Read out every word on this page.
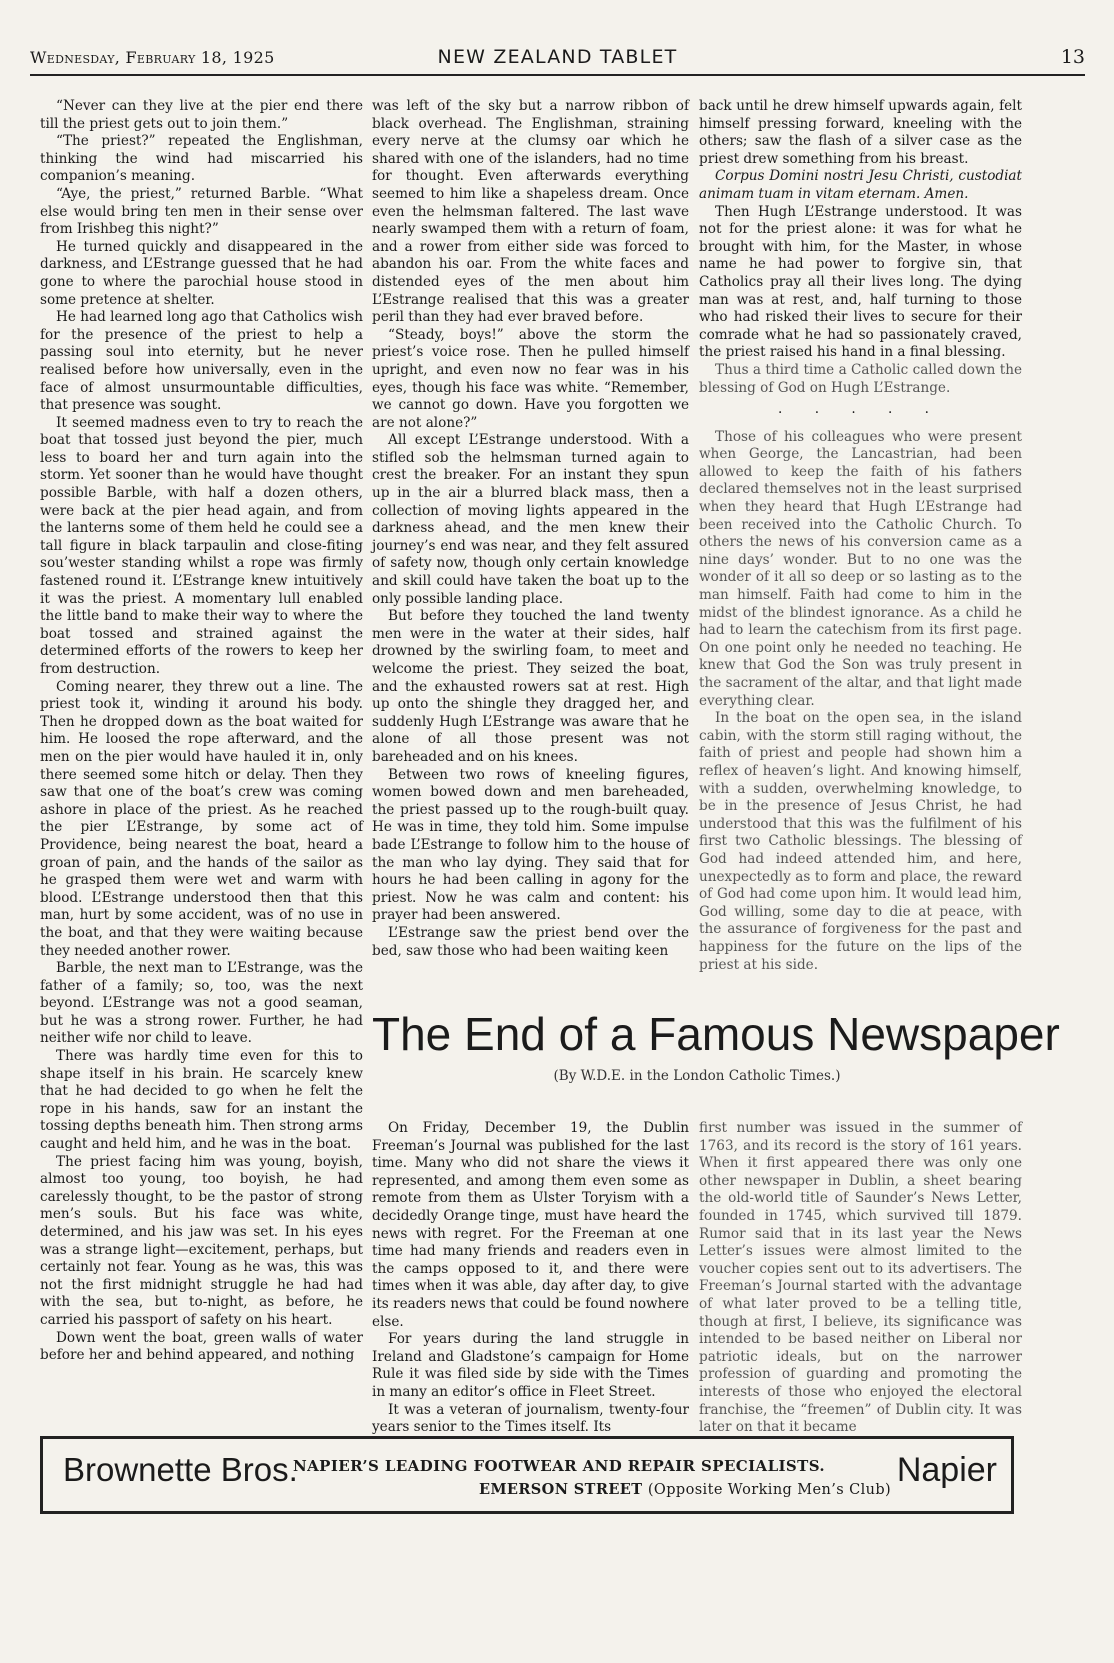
Wednesday, February 18, 1925	NEW ZEALAND TABLET	13

“Never can they live at the pier end there till the priest gets out to join them.”

“The priest?” repeated the Englishman, thinking the wind had miscarried his companion’s meaning.

“Aye, the priest,” returned Barble. “What else would bring ten men in their sense over from Irishbeg this night?”

He turned quickly and disappeared in the darkness, and L’Estrange guessed that he had gone to where the parochial house stood in some pretence at shelter.

He had learned long ago that Catholics wish for the presence of the priest to help a passing soul into eternity, but he never realised before how universally, even in the face of almost unsurmountable difficulties, that presence was sought.

It seemed madness even to try to reach the boat that tossed just beyond the pier, much less to board her and turn again into the storm. Yet sooner than he would have thought possible Barble, with half a dozen others, were back at the pier head again, and from the lanterns some of them held he could see a tall figure in black tarpaulin and close-fiting sou’wester standing whilst a rope was firmly fastened round it. L’Estrange knew intuitively it was the priest. A momentary lull enabled the little band to make their way to where the boat tossed and strained against the determined efforts of the rowers to keep her from destruction.

Coming nearer, they threw out a line. The priest took it, winding it around his body. Then he dropped down as the boat waited for him. He loosed the rope afterward, and the men on the pier would have hauled it in, only there seemed some hitch or delay. Then they saw that one of the boat’s crew was coming ashore in place of the priest. As he reached the pier L’Estrange, by some act of Providence, being nearest the boat, heard a groan of pain, and the hands of the sailor as he grasped them were wet and warm with blood. L’Estrange understood then that this man, hurt by some accident, was of no use in the boat, and that they were waiting because they needed another rower.

Barble, the next man to L’Estrange, was the father of a family; so, too, was the next beyond. L’Estrange was not a good seaman, but he was a strong rower. Further, he had neither wife nor child to leave.

There was hardly time even for this to shape itself in his brain. He scarcely knew that he had decided to go when he felt the rope in his hands, saw for an instant the tossing depths beneath him. Then strong arms caught and held him, and he was in the boat.

The priest facing him was young, boyish, almost too young, too boyish, he had carelessly thought, to be the pastor of strong men’s souls. But his face was white, determined, and his jaw was set. In his eyes was a strange light—excitement, perhaps, but certainly not fear. Young as he was, this was not the first midnight struggle he had had with the sea, but to-night, as before, he carried his passport of safety on his heart.

Down went the boat, green walls of water before her and behind appeared, and nothing

was left of the sky but a narrow ribbon of black overhead. The Englishman, straining every nerve at the clumsy oar which he shared with one of the islanders, had no time for thought. Even afterwards everything seemed to him like a shapeless dream. Once even the helmsman faltered. The last wave nearly swamped them with a return of foam, and a rower from either side was forced to abandon his oar. From the white faces and distended eyes of the men about him L’Estrange realised that this was a greater peril than they had ever braved before.

“Steady, boys!” above the storm the priest’s voice rose. Then he pulled himself upright, and even now no fear was in his eyes, though his face was white. “Remember, we cannot go down. Have you forgotten we are not alone?”

All except L’Estrange understood. With a stifled sob the helmsman turned again to crest the breaker. For an instant they spun up in the air a blurred black mass, then a collection of moving lights appeared in the darkness ahead, and the men knew their journey’s end was near, and they felt assured of safety now, though only certain knowledge and skill could have taken the boat up to the only possible landing place.

But before they touched the land twenty men were in the water at their sides, half drowned by the swirling foam, to meet and welcome the priest. They seized the boat, and the exhausted rowers sat at rest. High up onto the shingle they dragged her, and suddenly Hugh L’Estrange was aware that he alone of all those present was not bareheaded and on his knees.

Between two rows of kneeling figures, women bowed down and men bareheaded, the priest passed up to the rough-built quay. He was in time, they told him. Some impulse bade L’Estrange to follow him to the house of the man who lay dying. They said that for hours he had been calling in agony for the priest. Now he was calm and content: his prayer had been answered.

L’Estrange saw the priest bend over the bed, saw those who had been waiting keen

back until he drew himself upwards again, felt himself pressing forward, kneeling with the others; saw the flash of a silver case as the priest drew something from his breast.

Corpus Domini nostri Jesu Christi, custodiat animam tuam in vitam eternam. Amen.

Then Hugh L’Estrange understood. It was not for the priest alone: it was for what he brought with him, for the Master, in whose name he had power to forgive sin, that Catholics pray all their lives long. The dying man was at rest, and, half turning to those who had risked their lives to secure for their comrade what he had so passionately craved, the priest raised his hand in a final blessing.

Thus a third time a Catholic called down the blessing of God on Hugh L’Estrange.

. . . . .

Those of his colleagues who were present when George, the Lancastrian, had been allowed to keep the faith of his fathers declared themselves not in the least surprised when they heard that Hugh L’Estrange had been received into the Catholic Church. To others the news of his conversion came as a nine days’ wonder. But to no one was the wonder of it all so deep or so lasting as to the man himself. Faith had come to him in the midst of the blindest ignorance. As a child he had to learn the catechism from its first page. On one point only he needed no teaching. He knew that God the Son was truly present in the sacrament of the altar, and that light made everything clear.

In the boat on the open sea, in the island cabin, with the storm still raging without, the faith of priest and people had shown him a reflex of heaven’s light. And knowing himself, with a sudden, overwhelming knowledge, to be in the presence of Jesus Christ, he had understood that this was the fulfilment of his first two Catholic blessings. The blessing of God had indeed attended him, and here, unexpectedly as to form and place, the reward of God had come upon him. It would lead him, God willing, some day to die at peace, with the assurance of forgiveness for the past and happiness for the future on the lips of the priest at his side.

The End of a Famous Newspaper
(By W.D.E. in the London Catholic Times.)

On Friday, December 19, the Dublin Freeman’s Journal was published for the last time. Many who did not share the views it represented, and among them even some as remote from them as Ulster Toryism with a decidedly Orange tinge, must have heard the news with regret. For the Freeman at one time had many friends and readers even in the camps opposed to it, and there were times when it was able, day after day, to give its readers news that could be found nowhere else.

For years during the land struggle in Ireland and Gladstone’s campaign for Home Rule it was filed side by side with the Times in many an editor’s office in Fleet Street.

It was a veteran of journalism, twenty-four years senior to the Times itself. Its

first number was issued in the summer of 1763, and its record is the story of 161 years. When it first appeared there was only one other newspaper in Dublin, a sheet bearing the old-world title of Saunder’s News Letter, founded in 1745, which survived till 1879. Rumor said that in its last year the News Letter’s issues were almost limited to the voucher copies sent out to its advertisers. The Freeman’s Journal started with the advantage of what later proved to be a telling title, though at first, I believe, its significance was intended to be based neither on Liberal nor patriotic ideals, but on the narrower profession of guarding and promoting the interests of those who enjoyed the electoral franchise, the “freemen” of Dublin city. It was later on that it became

Brownette Bros.
NAPIER’S LEADING FOOTWEAR AND REPAIR SPECIALISTS.
EMERSON STREET (Opposite Working Men’s Club)
Napier
